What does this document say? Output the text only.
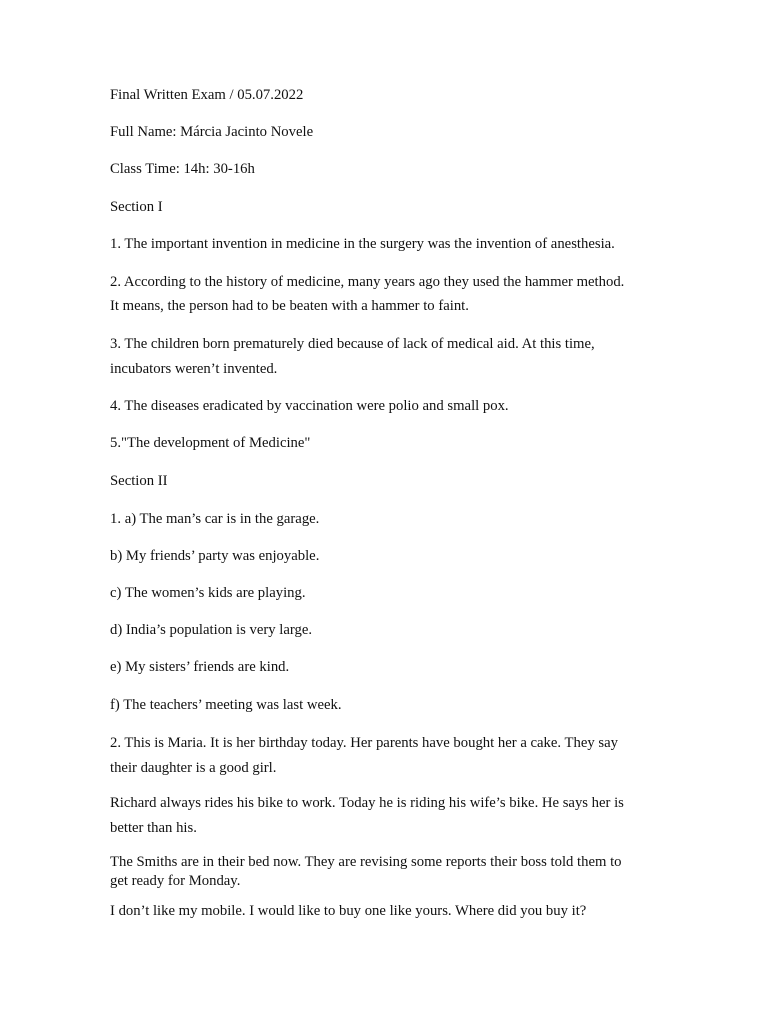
Final Written Exam / 05.07.2022
Full Name: Márcia Jacinto Novele
Class Time: 14h: 30-16h
Section I
1. The important invention in medicine in the surgery was the invention of anesthesia.
2. According to the history of medicine, many years ago they used the hammer method.
It means, the person had to be beaten with a hammer to faint.
3. The children born prematurely died because of lack of medical aid. At this time,
incubators weren’t invented.
4. The diseases eradicated by vaccination were polio and small pox.
5."The development of Medicine"
Section II
1. a) The man’s car is in the garage.
b) My friends’ party was enjoyable.
c) The women’s kids are playing.
d) India’s population is very large.
e) My sisters’ friends are kind.
f) The teachers’ meeting was last week.
2. This is Maria. It is her birthday today. Her parents have bought her a cake. They say
their daughter is a good girl.
Richard always rides his bike to work. Today he is riding his wife’s bike. He says her is
better than his.
The Smiths are in their bed now. They are revising some reports their boss told them to
get ready for Monday.
I don’t like my mobile. I would like to buy one like yours. Where did you buy it?
